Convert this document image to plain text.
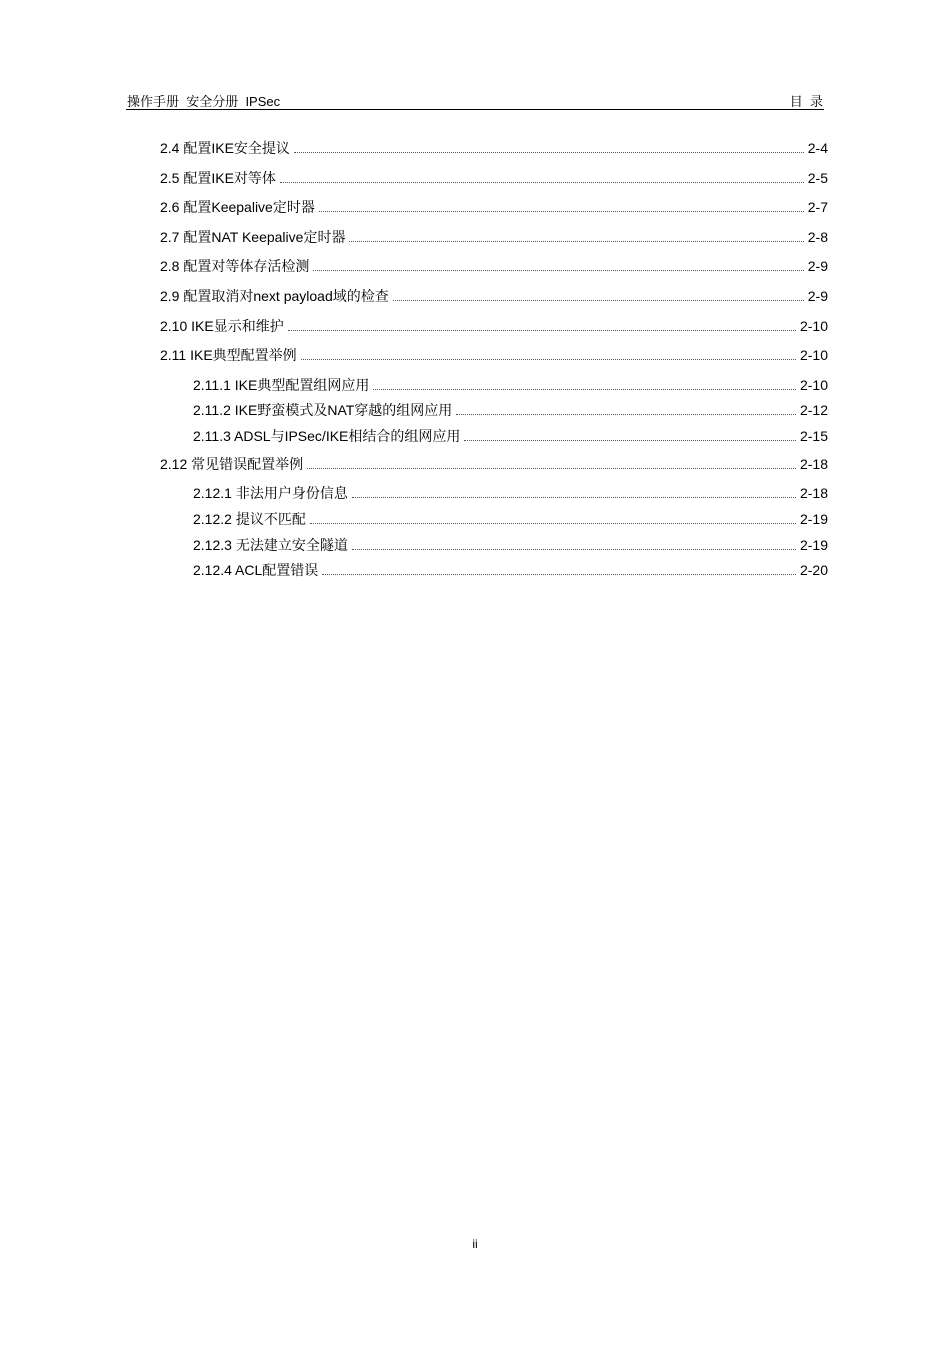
操作手册  安全分册  IPSec	目  录
2.4 配置IKE安全提议	2-4
2.5 配置IKE对等体	2-5
2.6 配置Keepalive定时器	2-7
2.7 配置NAT Keepalive定时器	2-8
2.8 配置对等体存活检测	2-9
2.9 配置取消对next payload域的检查	2-9
2.10 IKE显示和维护	2-10
2.11 IKE典型配置举例	2-10
2.11.1 IKE典型配置组网应用	2-10
2.11.2 IKE野蛮模式及NAT穿越的组网应用	2-12
2.11.3 ADSL与IPSec/IKE相结合的组网应用	2-15
2.12 常见错误配置举例	2-18
2.12.1 非法用户身份信息	2-18
2.12.2 提议不匹配	2-19
2.12.3 无法建立安全隧道	2-19
2.12.4 ACL配置错误	2-20
ii
